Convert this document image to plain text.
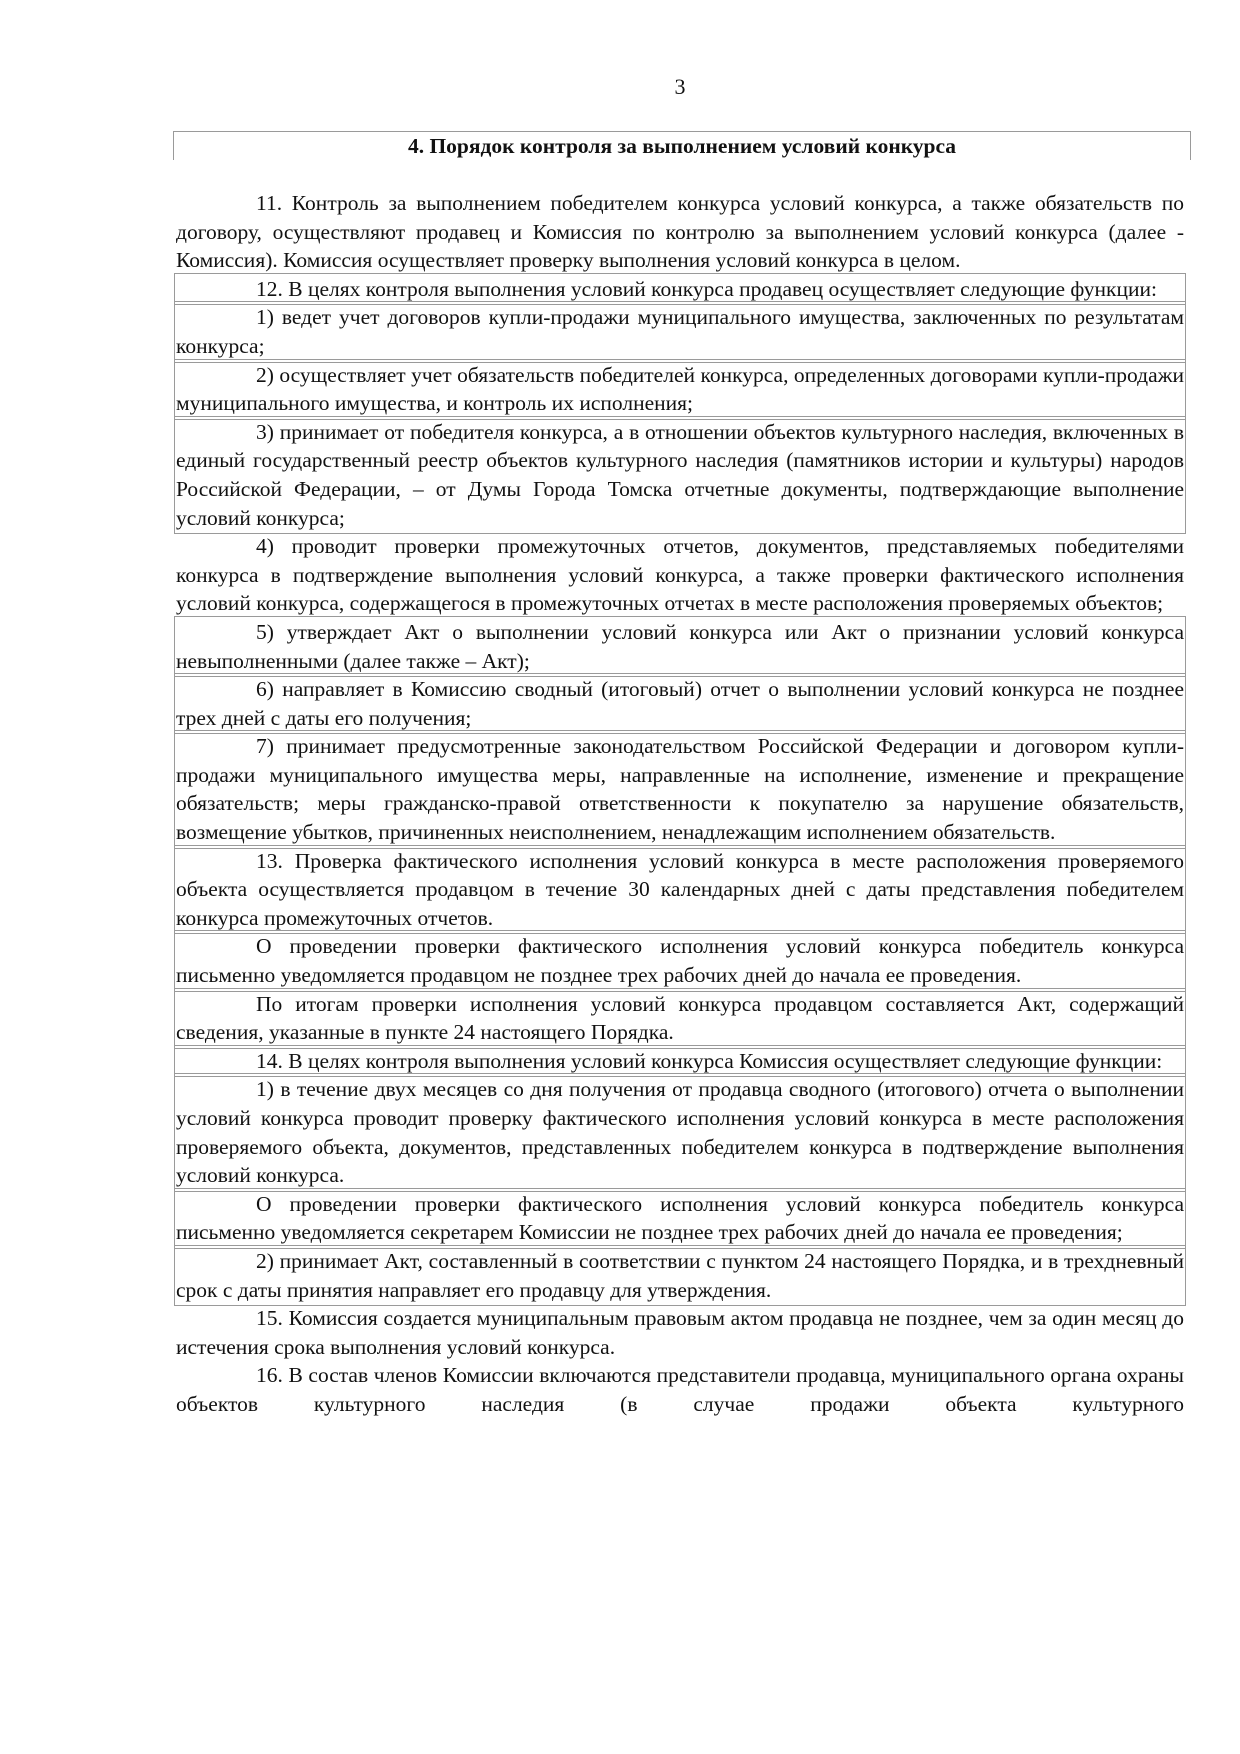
3
4. Порядок контроля за выполнением условий конкурса

11. Контроль за выполнением победителем конкурса условий конкурса, а также обязательств по договору, осуществляют продавец и Комиссия по контролю за выполнением условий конкурса (далее - Комиссия). Комиссия осуществляет проверку выполнения условий конкурса в целом.

12. В целях контроля выполнения условий конкурса продавец осуществляет следующие функции:

1) ведет учет договоров купли-продажи муниципального имущества, заключенных по результатам конкурса;

2) осуществляет учет обязательств победителей конкурса, определенных договорами купли-продажи муниципального имущества, и контроль их исполнения;

3) принимает от победителя конкурса, а в отношении объектов культурного наследия, включенных в единый государственный реестр объектов культурного наследия (памятников истории и культуры) народов Российской Федерации, – от Думы Города Томска отчетные документы, подтверждающие выполнение условий конкурса;

4) проводит проверки промежуточных отчетов, документов, представляемых победителями конкурса в подтверждение выполнения условий конкурса, а также проверки фактического исполнения условий конкурса, содержащегося в промежуточных отчетах в месте расположения проверяемых объектов;

5) утверждает Акт о выполнении условий конкурса или Акт о признании условий конкурса невыполненными (далее также – Акт);

6) направляет в Комиссию сводный (итоговый) отчет о выполнении условий конкурса не позднее трех дней с даты его получения;

7) принимает предусмотренные законодательством Российской Федерации и договором купли-продажи муниципального имущества меры, направленные на исполнение, изменение и прекращение обязательств; меры гражданско-правой ответственности к покупателю за нарушение обязательств, возмещение убытков, причиненных неисполнением, ненадлежащим исполнением обязательств.

13. Проверка фактического исполнения условий конкурса в месте расположения проверяемого объекта осуществляется продавцом в течение 30 календарных дней с даты представления победителем конкурса промежуточных отчетов.

О проведении проверки фактического исполнения условий конкурса победитель конкурса письменно уведомляется продавцом не позднее трех рабочих дней до начала ее проведения.

По итогам проверки исполнения условий конкурса продавцом составляется Акт, содержащий сведения, указанные в пункте 24 настоящего Порядка.

14. В целях контроля выполнения условий конкурса Комиссия осуществляет следующие функции:

1) в течение двух месяцев со дня получения от продавца сводного (итогового) отчета о выполнении условий конкурса проводит проверку фактического исполнения условий конкурса в месте расположения проверяемого объекта, документов, представленных победителем конкурса в подтверждение выполнения условий конкурса.

О проведении проверки фактического исполнения условий конкурса победитель конкурса письменно уведомляется секретарем Комиссии не позднее трех рабочих дней до начала ее проведения;

2) принимает Акт, составленный в соответствии с пунктом 24 настоящего Порядка, и в трехдневный срок с даты принятия направляет его продавцу для утверждения.

15. Комиссия создается муниципальным правовым актом продавца не позднее, чем за один месяц до истечения срока выполнения условий конкурса.

16. В состав членов Комиссии включаются представители продавца, муниципального органа охраны объектов культурного наследия (в случае продажи объекта культурного
